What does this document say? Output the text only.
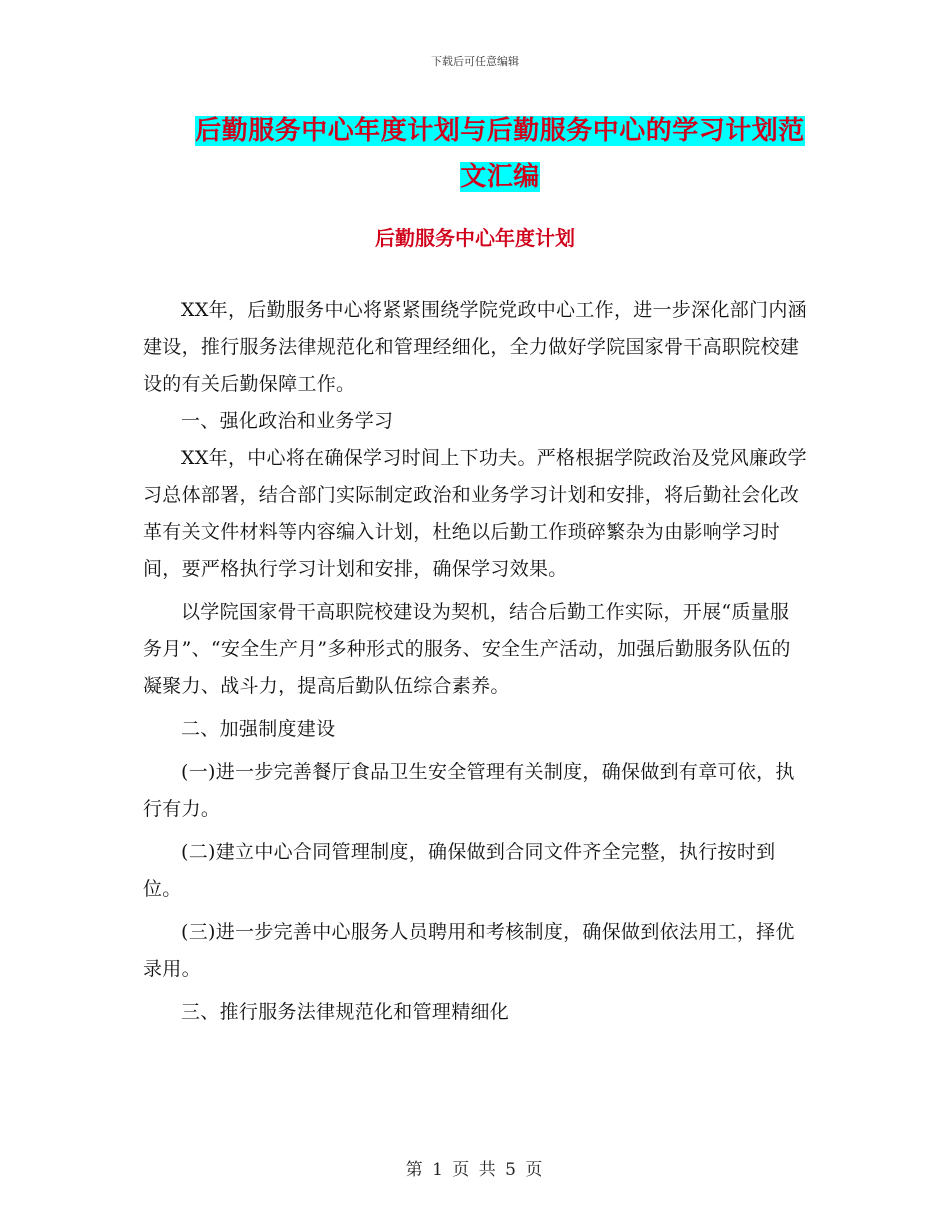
下载后可任意编辑
后勤服务中心年度计划与后勤服务中心的学习计划范
文汇编
后勤服务中心年度计划

XX年，后勤服务中心将紧紧围绕学院党政中心工作，进一步深化部门内涵建设，推行服务法律规范化和管理经细化，全力做好学院国家骨干高职院校建设的有关后勤保障工作。

一、强化政治和业务学习

XX年，中心将在确保学习时间上下功夫。严格根据学院政治及党风廉政学习总体部署，结合部门实际制定政治和业务学习计划和安排，将后勤社会化改革有关文件材料等内容编入计划，杜绝以后勤工作琐碎繁杂为由影响学习时间，要严格执行学习计划和安排，确保学习效果。

以学院国家骨干高职院校建设为契机，结合后勤工作实际，开展“质量服务月”、“安全生产月”多种形式的服务、安全生产活动，加强后勤服务队伍的凝聚力、战斗力，提高后勤队伍综合素养。

二、加强制度建设

(一)进一步完善餐厅食品卫生安全管理有关制度，确保做到有章可依，执行有力。

(二)建立中心合同管理制度，确保做到合同文件齐全完整，执行按时到位。

(三)进一步完善中心服务人员聘用和考核制度，确保做到依法用工，择优录用。

三、推行服务法律规范化和管理精细化

第 1 页 共 5 页
